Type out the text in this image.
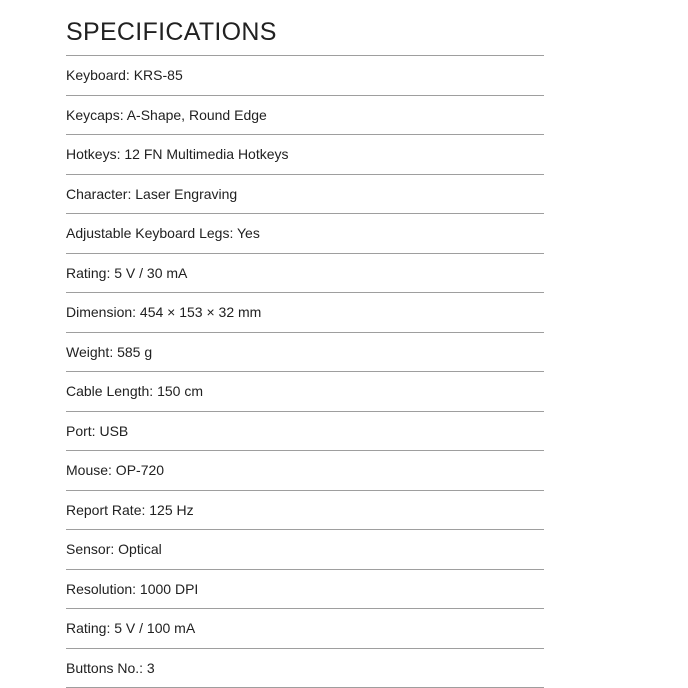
SPECIFICATIONS
Keyboard: KRS-85
Keycaps: A-Shape, Round Edge
Hotkeys: 12 FN Multimedia Hotkeys
Character: Laser Engraving
Adjustable Keyboard Legs: Yes
Rating: 5 V / 30 mA
Dimension: 454 × 153 × 32 mm
Weight: 585 g
Cable Length: 150 cm
Port: USB
Mouse: OP-720
Report Rate: 125 Hz
Sensor: Optical
Resolution: 1000 DPI
Rating: 5 V / 100 mA
Buttons No.: 3
